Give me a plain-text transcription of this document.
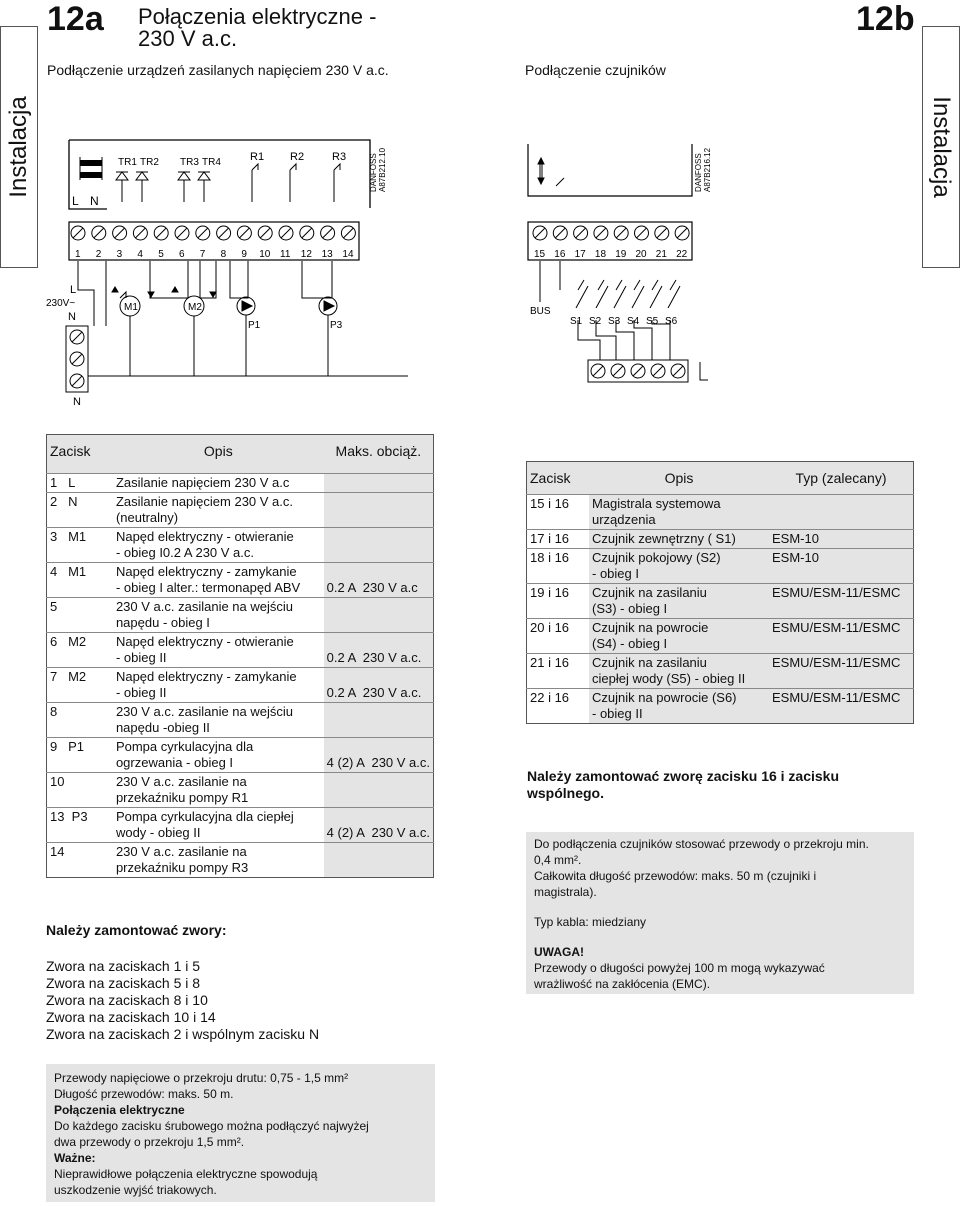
Instalacja	Instalacja
12a Połączenia elektryczne -
230 V a.c.
12b
Podłączenie urządzeń zasilanych napięciem 230 V a.c.	Podłączenie czujników
L N
TR1 TR2 TR3 TR4	R1 R2	R3	DANFOSS A87B212.10
1 2 3 4 5 6 7 8 9 10 11 12 13 14
L
230V~
N
N
M1	M2
P1	P3
DANFOSS A87B216.12
15 16 17 18 19 20 21 22
BUS
S1 S2 S3 S4 S5 S6
Zacisk	Opis	Maks. obciąż.

1   L	Zasilanie napięciem 230 V a.c	

2   N	Zasilanie napięciem 230 V a.c.
(neutralny)	

3   M1	Napęd elektryczny - otwieranie
- obieg I0.2 A 230 V a.c.	

4   M1	Napęd elektryczny - zamykanie
- obieg I alter.: termonapęd ABV	0.2 A  230 V a.c
5	230 V a.c. zasilanie na wejściu
napędu - obieg I	

6   M2	Napęd elektryczny - otwieranie
- obieg II	0.2 A  230 V a.c.
7   M2	Napęd elektryczny - zamykanie
- obieg II	0.2 A  230 V a.c.
8	230 V a.c. zasilanie na wejściu
napędu -obieg II	

9   P1	Pompa cyrkulacyjna dla
ogrzewania - obieg I	4 (2) A  230 V a.c.
10	230 V a.c. zasilanie na
przekaźniku pompy R1	

13  P3	Pompa cyrkulacyjna dla ciepłej
wody - obieg II	4 (2) A  230 V a.c.
14	230 V a.c. zasilanie na
przekaźniku pompy R3	

Zacisk	Opis	Typ (zalecany)
15 i 16	Magistrala systemowa
urządzenia	

17 i 16	Czujnik zewnętrzny ( S1)	ESM-10
18 i 16	Czujnik pokojowy (S2)
- obieg I	ESM-10
19 i 16	Czujnik na zasilaniu
(S3) - obieg I	ESMU/ESM-11/ESMC
20 i 16	Czujnik na powrocie
(S4) - obieg I	ESMU/ESM-11/ESMC
21 i 16	Czujnik na zasilaniu
ciepłej wody (S5) - obieg II	ESMU/ESM-11/ESMC
22 i 16	Czujnik na powrocie (S6)
- obieg II	ESMU/ESM-11/ESMC
Należy zamontować zworę zacisku 16 i zacisku
wspólnego.
Do podłączenia czujników stosować przewody o przekroju min.
0,4 mm².
Całkowita długość przewodów: maks. 50 m (czujniki i
magistrala).
Typ kabla: miedziany
UWAGA!
Przewody o długości powyżej 100 m mogą wykazywać
wrażliwość na zakłócenia (EMC).
Należy zamontować zwory:

Zwora na zaciskach 1 i 5

Zwora na zaciskach 5 i 8

Zwora na zaciskach 8 i 10

Zwora na zaciskach 10 i 14

Zwora na zaciskach 2 i wspólnym zacisku N

Przewody napięciowe o przekroju drutu: 0,75 - 1,5 mm²
Długość przewodów: maks. 50 m.
Połączenia elektryczne
Do każdego zacisku śrubowego można podłączyć najwyżej
dwa przewody o przekroju 1,5 mm².
Ważne:
Nieprawidłowe połączenia elektryczne spowodują
uszkodzenie wyjść triakowych.
